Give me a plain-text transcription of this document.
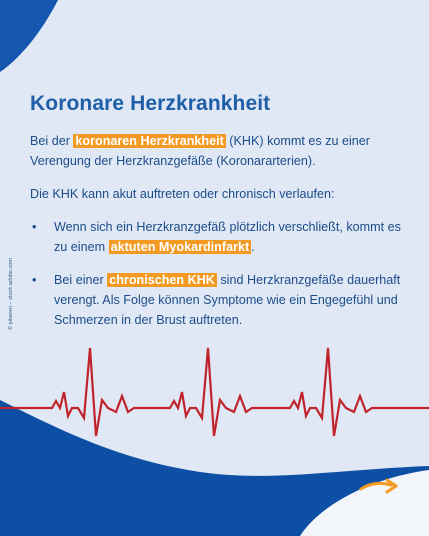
Koronare Herzkrankheit

Bei der koronaren Herzkrankheit (KHK) kommt es zu einer Verengung der Herzkranzgefäße (Koronararterien).

Die KHK kann akut auftreten oder chronisch verlaufen:

• Wenn sich ein Herzkranzgefäß plötzlich verschließt, kommt es zu einem aktuten Myokardinfarkt .
• Bei einer chronischen KHK sind Herzkranzgefäße dauerhaft verengt. Als Folge können Symptome wie ein Engegefühl und Schmerzen in der Brust auftreten.
© pilawen – stock.adobe.com
